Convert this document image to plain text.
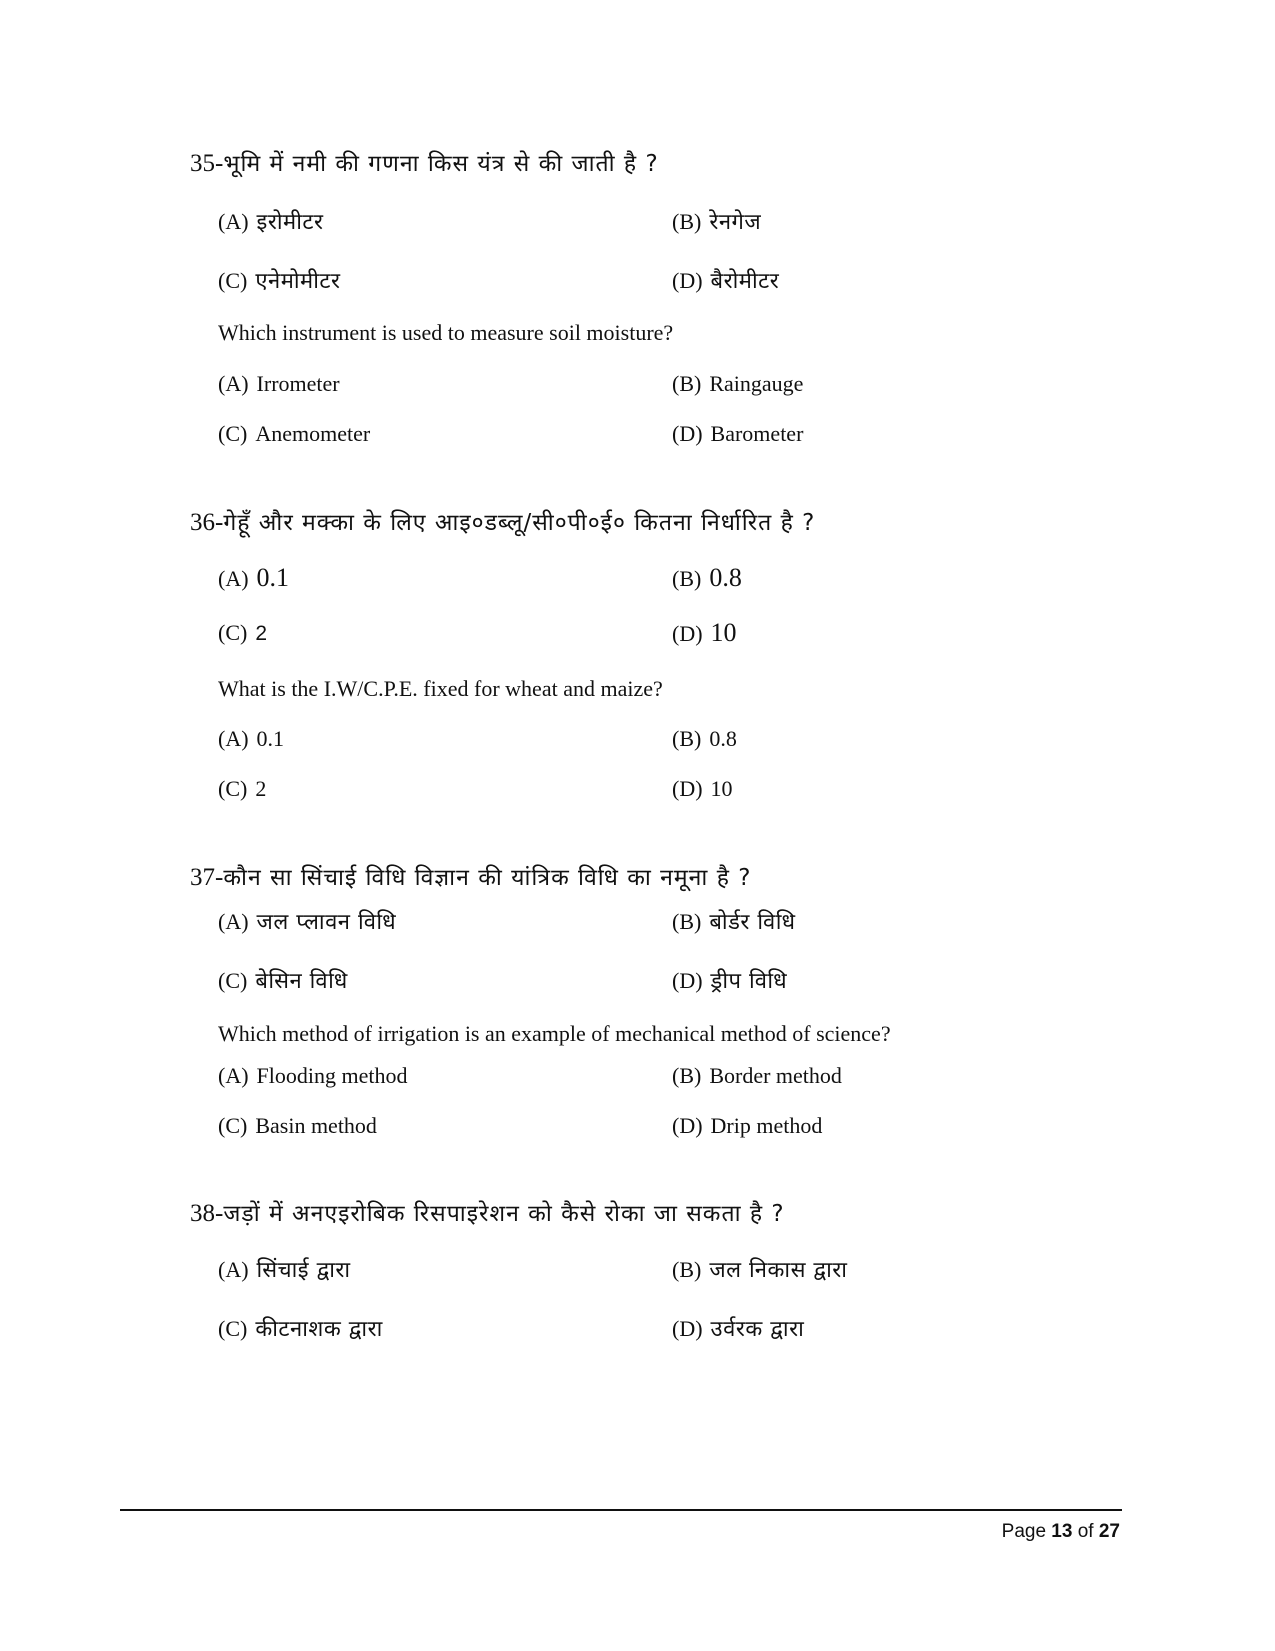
35-भूमि में नमी की गणना किस यंत्र से की जाती है ?
(A) इरोमीटर	(B) रेनगेज
(C) एनेमोमीटर	(D) बैरोमीटर
Which instrument is used to measure soil moisture?
(A) Irrometer	(B) Raingauge
(C) Anemometer	(D) Barometer
36-गेहूँ और मक्का के लिए आइ०डब्लू/सी०पी०ई० कितना निर्धारित है ?
(A) 0.1	(B) 0.8
(C) 2	(D) 10
What is the I.W/C.P.E. fixed for wheat and maize?
(A) 0.1	(B) 0.8
(C) 2	(D) 10
37-कौन सा सिंचाई विधि विज्ञान की यांत्रिक विधि का नमूना है ?
(A) जल प्लावन विधि	(B) बोर्डर विधि
(C) बेसिन विधि	(D) ड्रीप विधि
Which method of irrigation is an example of mechanical method of science?
(A) Flooding method	(B) Border method
(C) Basin method	(D) Drip method
38-जड़ों में अनएइरोबिक रिसपाइरेशन को कैसे रोका जा सकता है ?
(A) सिंचाई द्वारा	(B) जल निकास द्वारा
(C) कीटनाशक द्वारा	(D) उर्वरक द्वारा
Page 13 of 27
